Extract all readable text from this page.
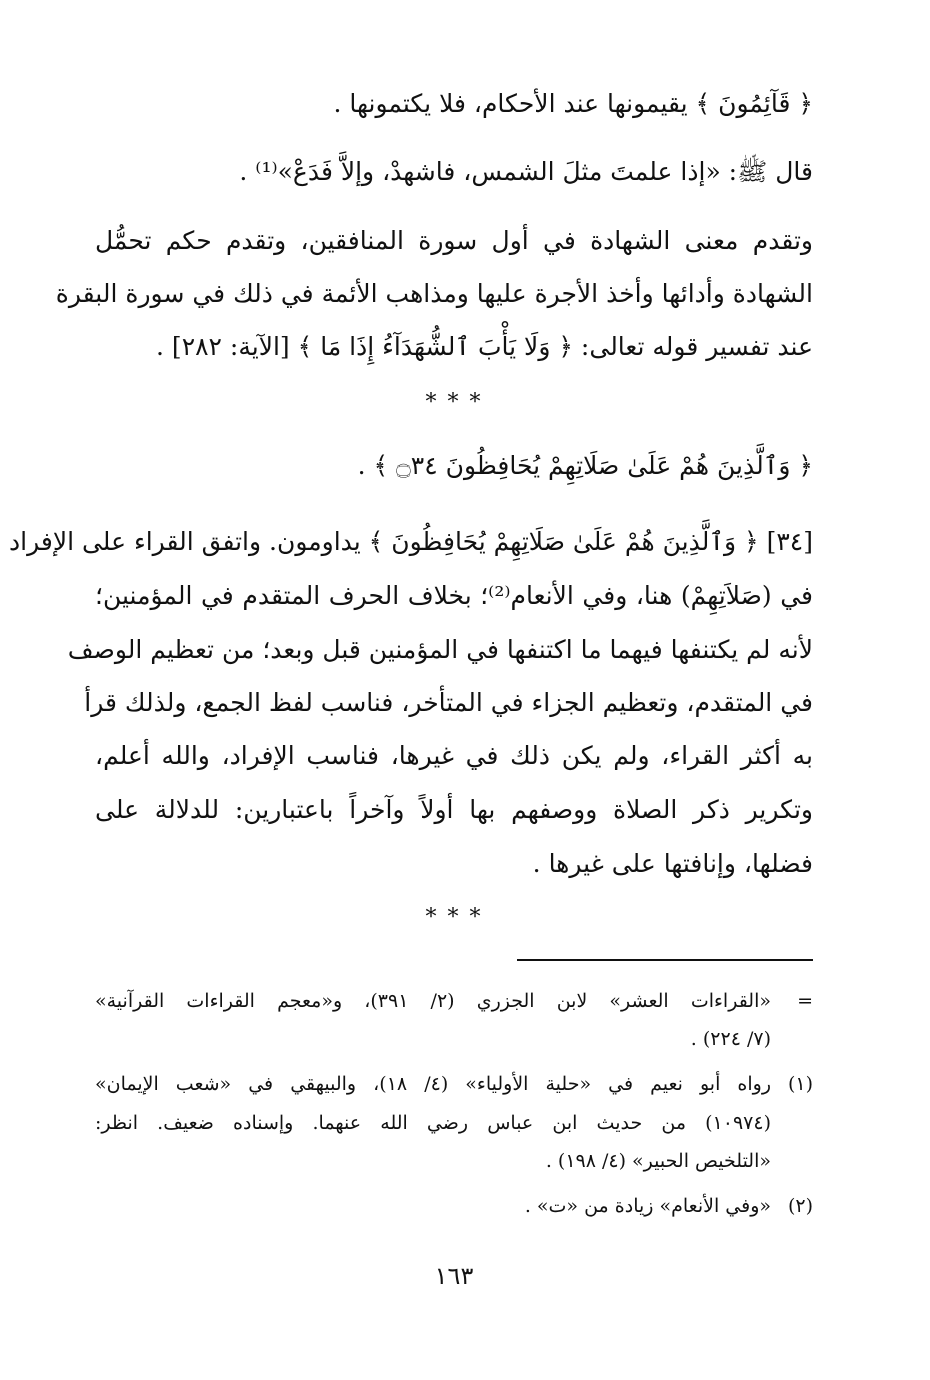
﴿ قَآئِمُونَ ﴾ يقيمونها عند الأحكام، فلا يكتمونها .
قال ﷺ: «إذا علمتَ مثلَ الشمس، فاشهدْ، وإلاَّ فَدَعْ»⁽¹⁾ .
وتقدم معنى الشهادة في أول سورة المنافقين، وتقدم حكم تحمُّل
الشهادة وأدائها وأخذ الأجرة عليها ومذاهب الأئمة في ذلك في سورة البقرة
عند تفسير قوله تعالى: ﴿ وَلَا يَأْبَ ٱلشُّهَدَآءُ إِذَا مَا ﴾ [الآية: ٢٨٢] .
* * *
﴿ وَٱلَّذِينَ هُمْ عَلَىٰ صَلَاتِهِمْ يُحَافِظُونَ ۝٣٤ ﴾ .
[٣٤] ﴿ وَٱلَّذِينَ هُمْ عَلَىٰ صَلَاتِهِمْ يُحَافِظُونَ ﴾ يداومون. واتفق القراء على الإفراد
في (صَلاَتِهِمْ) هنا، وفي الأنعام⁽²⁾؛ بخلاف الحرف المتقدم في المؤمنين؛
لأنه لم يكتنفها فيهما ما اكتنفها في المؤمنين قبل وبعد؛ من تعظيم الوصف
في المتقدم، وتعظيم الجزاء في المتأخر، فناسب لفظ الجمع، ولذلك قرأ
به أكثر القراء، ولم يكن ذلك في غيرها، فناسب الإفراد، والله أعلم،
وتكرير ذكر الصلاة ووصفهم بها أولاً وآخراً باعتبارين: للدلالة على
فضلها، وإنافتها على غيرها .
* * *
=«القراءات العشر» لابن الجزري (٢/ ٣٩١)، و«معجم القراءات القرآنية»
(٧/ ٢٢٤) .
(١)رواه أبو نعيم في «حلية الأولياء» (٤/ ١٨)، والبيهقي في «شعب الإيمان»
(١٠٩٧٤) من حديث ابن عباس رضي الله عنهما. وإسناده ضعيف. انظر:
«التلخيص الحبير» (٤/ ١٩٨) .
(٢)«وفي الأنعام» زيادة من «ت» .
١٦٣
